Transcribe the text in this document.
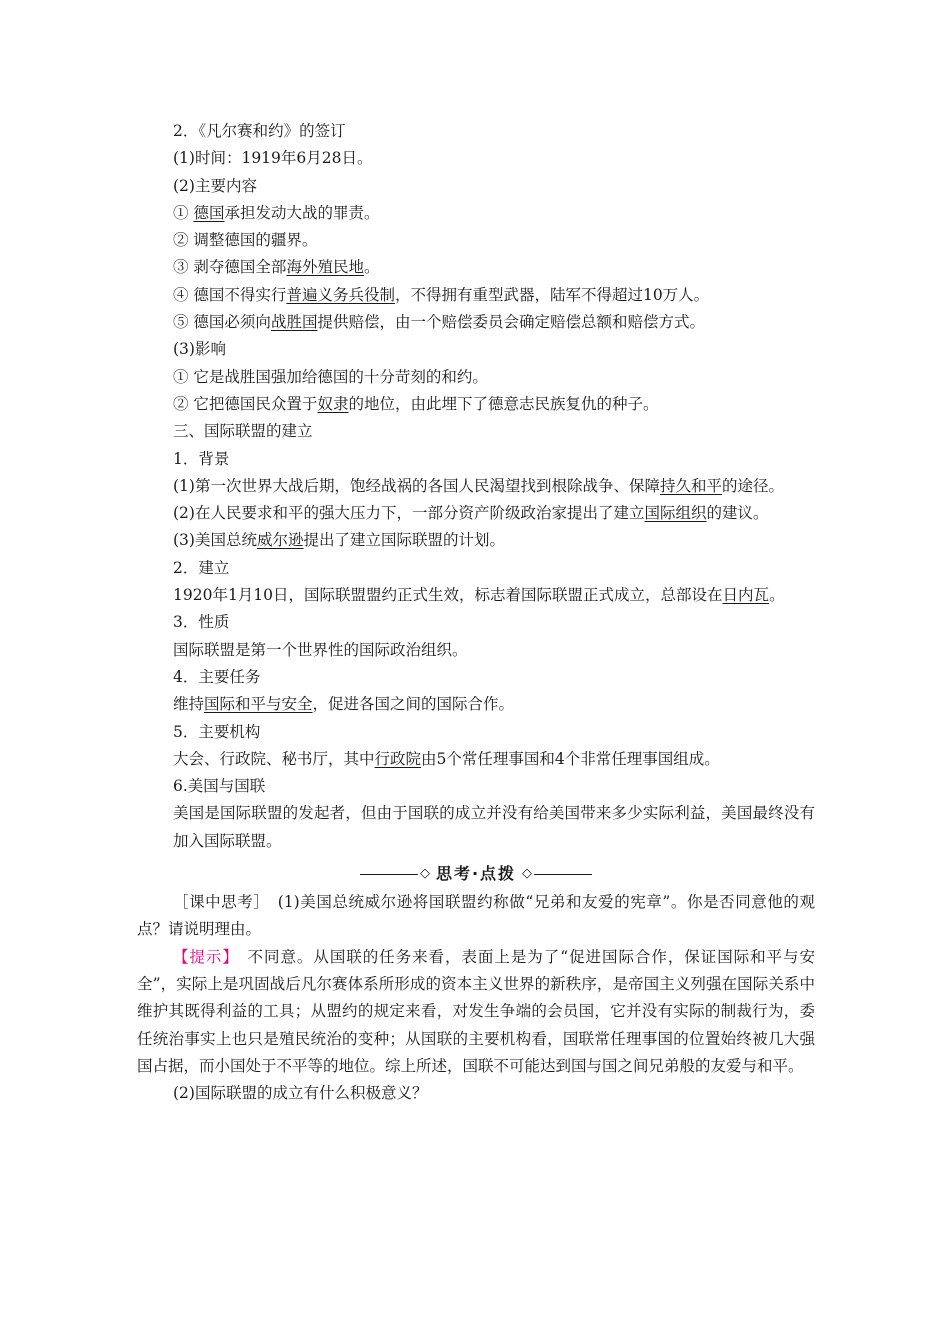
2．《凡尔赛和约》的签订
(1)时间：1919年6月28日。
(2)主要内容
① 德国承担发动大战的罪责。
② 调整德国的疆界。
③ 剥夺德国全部海外殖民地。
④ 德国不得实行普遍义务兵役制，不得拥有重型武器，陆军不得超过10万人。
⑤ 德国必须向战胜国提供赔偿，由一个赔偿委员会确定赔偿总额和赔偿方式。
(3)影响
① 它是战胜国强加给德国的十分苛刻的和约。
② 它把德国民众置于奴隶的地位，由此埋下了德意志民族复仇的种子。
三、国际联盟的建立
1．背景
(1)第一次世界大战后期，饱经战祸的各国人民渴望找到根除战争、保障持久和平的途径。
(2)在人民要求和平的强大压力下，一部分资产阶级政治家提出了建立国际组织的建议。
(3)美国总统威尔逊提出了建立国际联盟的计划。
2．建立
1920年1月10日，国际联盟盟约正式生效，标志着国际联盟正式成立，总部设在日内瓦。
3．性质
国际联盟是第一个世界性的国际政治组织。
4．主要任务
维持国际和平与安全，促进各国之间的国际合作。
5．主要机构
大会、行政院、秘书厅，其中行政院由5个常任理事国和4个非常任理事国组成。
6.美国与国联
美国是国际联盟的发起者，但由于国联的成立并没有给美国带来多少实际利益，美国最终没有加入国际联盟。
◇ 思考·点拨 ◇
［课中思考］　(1)美国总统威尔逊将国联盟约称做“兄弟和友爱的宪章”。你是否同意他的观点？请说明理由。
【提示】　不同意。从国联的任务来看，表面上是为了“促进国际合作，保证国际和平与安全”，实际上是巩固战后凡尔赛体系所形成的资本主义世界的新秩序，是帝国主义列强在国际关系中维护其既得利益的工具；从盟约的规定来看，对发生争端的会员国，它并没有实际的制裁行为，委任统治事实上也只是殖民统治的变种；从国联的主要机构看，国联常任理事国的位置始终被几大强国占据，而小国处于不平等的地位。综上所述，国联不可能达到国与国之间兄弟般的友爱与和平。
(2)国际联盟的成立有什么积极意义？
